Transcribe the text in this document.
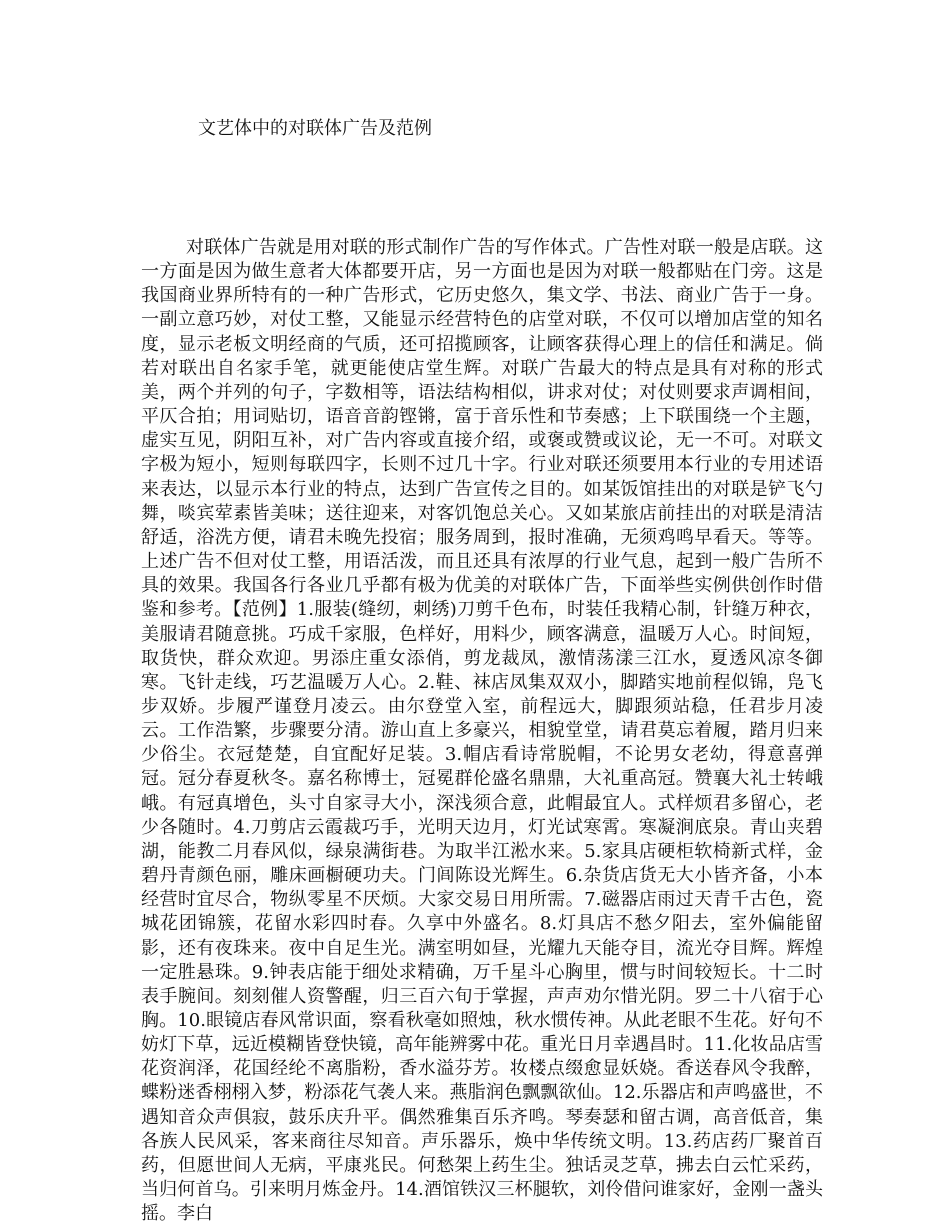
文艺体中的对联体广告及范例

对联体广告就是用对联的形式制作广告的写作体式。广告性对联一般是店联。这一方面是因为做生意者大体都要开店，另一方面也是因为对联一般都贴在门旁。这是我国商业界所特有的一种广告形式，它历史悠久，集文学、书法、商业广告于一身。一副立意巧妙，对仗工整，又能显示经营特色的店堂对联，不仅可以增加店堂的知名度，显示老板文明经商的气质，还可招揽顾客，让顾客获得心理上的信任和满足。倘若对联出自名家手笔，就更能使店堂生辉。对联广告最大的特点是具有对称的形式美，两个并列的句子，字数相等，语法结构相似，讲求对仗；对仗则要求声调相间，平仄合拍；用词贴切，语音音韵铿锵，富于音乐性和节奏感；上下联围绕一个主题，虚实互见，阴阳互补，对广告内容或直接介绍，或褒或赞或议论，无一不可。对联文字极为短小，短则每联四字，长则不过几十字。行业对联还须要用本行业的专用述语来表达，以显示本行业的特点，达到广告宣传之目的。如某饭馆挂出的对联是铲飞勺舞，啖宾荤素皆美味；送往迎来，对客饥饱总关心。又如某旅店前挂出的对联是清洁舒适，浴洗方便，请君未晚先投宿；服务周到，报时准确，无须鸡鸣早看天。等等。上述广告不但对仗工整，用语活泼，而且还具有浓厚的行业气息，起到一般广告所不具的效果。我国各行各业几乎都有极为优美的对联体广告，下面举些实例供创作时借鉴和参考。【范例】1.服装(缝纫，刺绣)刀剪千色布，时装任我精心制，针缝万种衣，美服请君随意挑。巧成千家服，色样好，用料少，顾客满意，温暖万人心。时间短，取货快，群众欢迎。男添庄重女添俏，剪龙裁凤，激情荡漾三江水，夏透风凉冬御寒。飞针走线，巧艺温暖万人心。2.鞋、袜店凤集双双小，脚踏实地前程似锦，凫飞步双娇。步履严谨登月凌云。由尔登堂入室，前程远大，脚跟须站稳，任君步月凌云。工作浩繁，步骤要分清。游山直上多豪兴，相貌堂堂，请君莫忘着履，踏月归来少俗尘。衣冠楚楚，自宜配好足装。3.帽店看诗常脱帽，不论男女老幼，得意喜弹冠。冠分春夏秋冬。嘉名称博士，冠冕群伦盛名鼎鼎，大礼重高冠。赞襄大礼士转峨峨。有冠真增色，头寸自家寻大小，深浅须合意，此帽最宜人。式样烦君多留心，老少各随时。4.刀剪店云霞裁巧手，光明天边月，灯光试寒霄。寒凝涧底泉。青山夹碧湖，能教二月春风似，绿泉满街巷。为取半江淞水来。5.家具店硬柜软椅新式样，金碧丹青颜色丽，雕床画橱硬功夫。门闾陈设光辉生。6.杂货店货无大小皆齐备，小本经营时宜尽合，物纵零星不厌烦。大家交易日用所需。7.磁器店雨过天青千古色，瓷城花团锦簇，花留水彩四时春。久享中外盛名。8.灯具店不愁夕阳去，室外偏能留影，还有夜珠来。夜中自足生光。满室明如昼，光耀九天能夺目，流光夺目辉。辉煌一定胜悬珠。9.钟表店能于细处求精确，万千星斗心胸里，惯与时间较短长。十二时表手腕间。刻刻催人资警醒，归三百六旬于掌握，声声劝尔惜光阴。罗二十八宿于心胸。10.眼镜店春风常识面，察看秋毫如照烛，秋水惯传神。从此老眼不生花。好句不妨灯下草，远近模糊皆登快镜，高年能辨雾中花。重光日月幸遇昌时。11.化妆品店雪花资润泽，花国经纶不离脂粉，香水溢芬芳。妆楼点缀愈显妖娆。香送春风令我醉，蝶粉迷香栩栩入梦，粉添花气袭人来。燕脂润色飘飘欲仙。12.乐器店和声鸣盛世，不遇知音众声俱寂，鼓乐庆升平。偶然雅集百乐齐鸣。琴奏瑟和留古调，高音低音，集各族人民风采，客来商往尽知音。声乐器乐，焕中华传统文明。13.药店药厂聚首百药，但愿世间人无病，平康兆民。何愁架上药生尘。独话灵芝草，拂去白云忙采药，当归何首乌。引来明月炼金丹。14.酒馆铁汉三杯腿软，刘伶借问谁家好，金刚一盏头摇。李白
